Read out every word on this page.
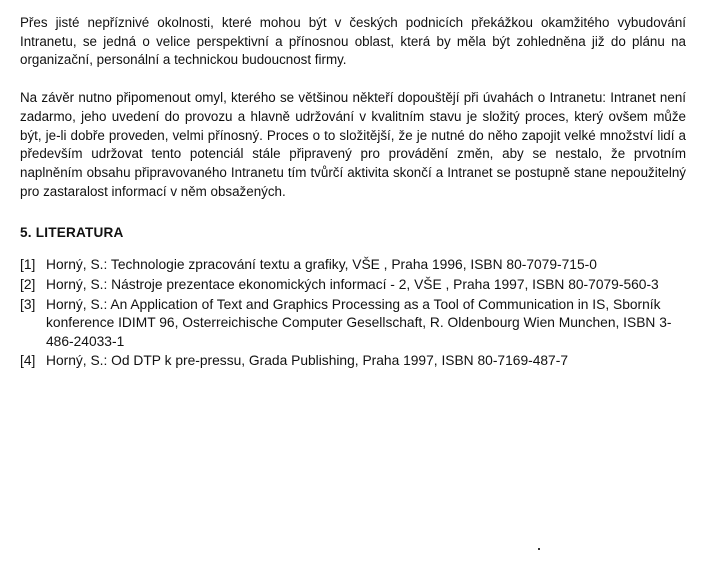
Přes jisté nepříznivé okolnosti, které mohou být v českých podnicích překážkou okamžitého vybudování Intranetu, se jedná o velice perspektivní a přínosnou oblast, která by měla být zohledněna již do plánu na organizační, personální a technickou budoucnost firmy.

Na závěr nutno připomenout omyl, kterého se většinou někteří dopouštějí při úvahách o Intranetu: Intranet není zadarmo, jeho uvedení do provozu a hlavně udržování v kvalitním stavu je složitý proces, který ovšem může být, je-li dobře proveden, velmi přínosný. Proces o to složitější, že je nutné do něho zapojit velké množství lidí a především udržovat tento potenciál stále připravený pro provádění změn, aby se nestalo, že prvotním naplněním obsahu připravovaného Intranetu tím tvůrčí aktivita skončí a Intranet se postupně stane nepoužitelný pro zastaralost informací v něm obsažených.

5. LITERATURA
[1] Horný, S.: Technologie zpracování textu a grafiky, VŠE , Praha 1996, ISBN 80-7079-715-0
[2] Horný, S.: Nástroje prezentace ekonomických informací - 2, VŠE , Praha 1997, ISBN 80-7079-560-3
[3] Horný, S.: An Application of Text and Graphics Processing as a Tool of Communication in IS, Sborník konference IDIMT 96, Osterreichische Computer Gesellschaft, R. Oldenbourg Wien Munchen, ISBN 3-486-24033-1
[4] Horný, S.: Od DTP k pre-pressu, Grada Publishing, Praha 1997, ISBN 80-7169-487-7
